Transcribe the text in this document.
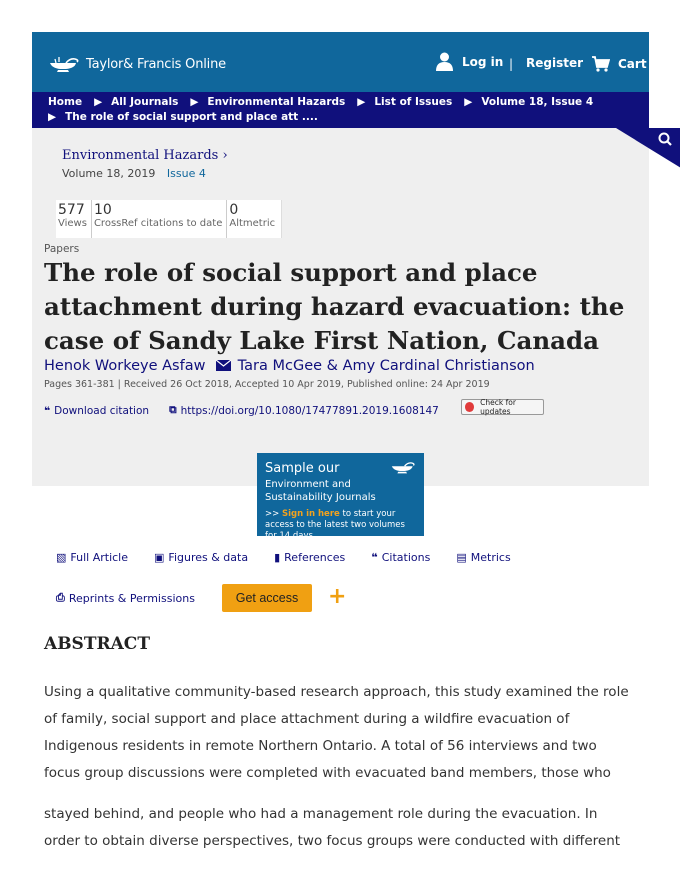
Taylor& Francis Online	Log in | Register	Cart
Home ▶ All Journals ▶ Environmental Hazards ▶ List of Issues ▶ Volume 18, Issue 4
▶ The role of social support and place att ....
Environmental Hazards ›
Volume 18, 2019 Issue 4
577
Views
10
CrossRef citations to date
0
Altmetric
Papers
The role of social support and place attachment during hazard evacuation: the case of Sandy Lake First Nation, Canada
Henok Workeye Asfaw Tara McGee & Amy Cardinal Christianson
Pages 361-381 | Received 26 Oct 2018, Accepted 10 Apr 2019, Published online: 24 Apr 2019
❝ Download citation ⧉ https://doi.org/10.1080/17477891.2019.1608147
Check for updates
Sample our
Environment and Sustainability Journals
>> Sign in here to start your access to the latest two volumes for 14 days
▧ Full Article ▣ Figures & data ▮ References ❝ Citations ▤ Metrics
⎙ Reprints & Permissions	Get access	+
ABSTRACT
Using a qualitative community-based research approach, this study examined the role
of family, social support and place attachment during a wildfire evacuation of
Indigenous residents in remote Northern Ontario. A total of 56 interviews and two
focus group discussions were completed with evacuated band members, those who
stayed behind, and people who had a management role during the evacuation. In
order to obtain diverse perspectives, two focus groups were conducted with different
